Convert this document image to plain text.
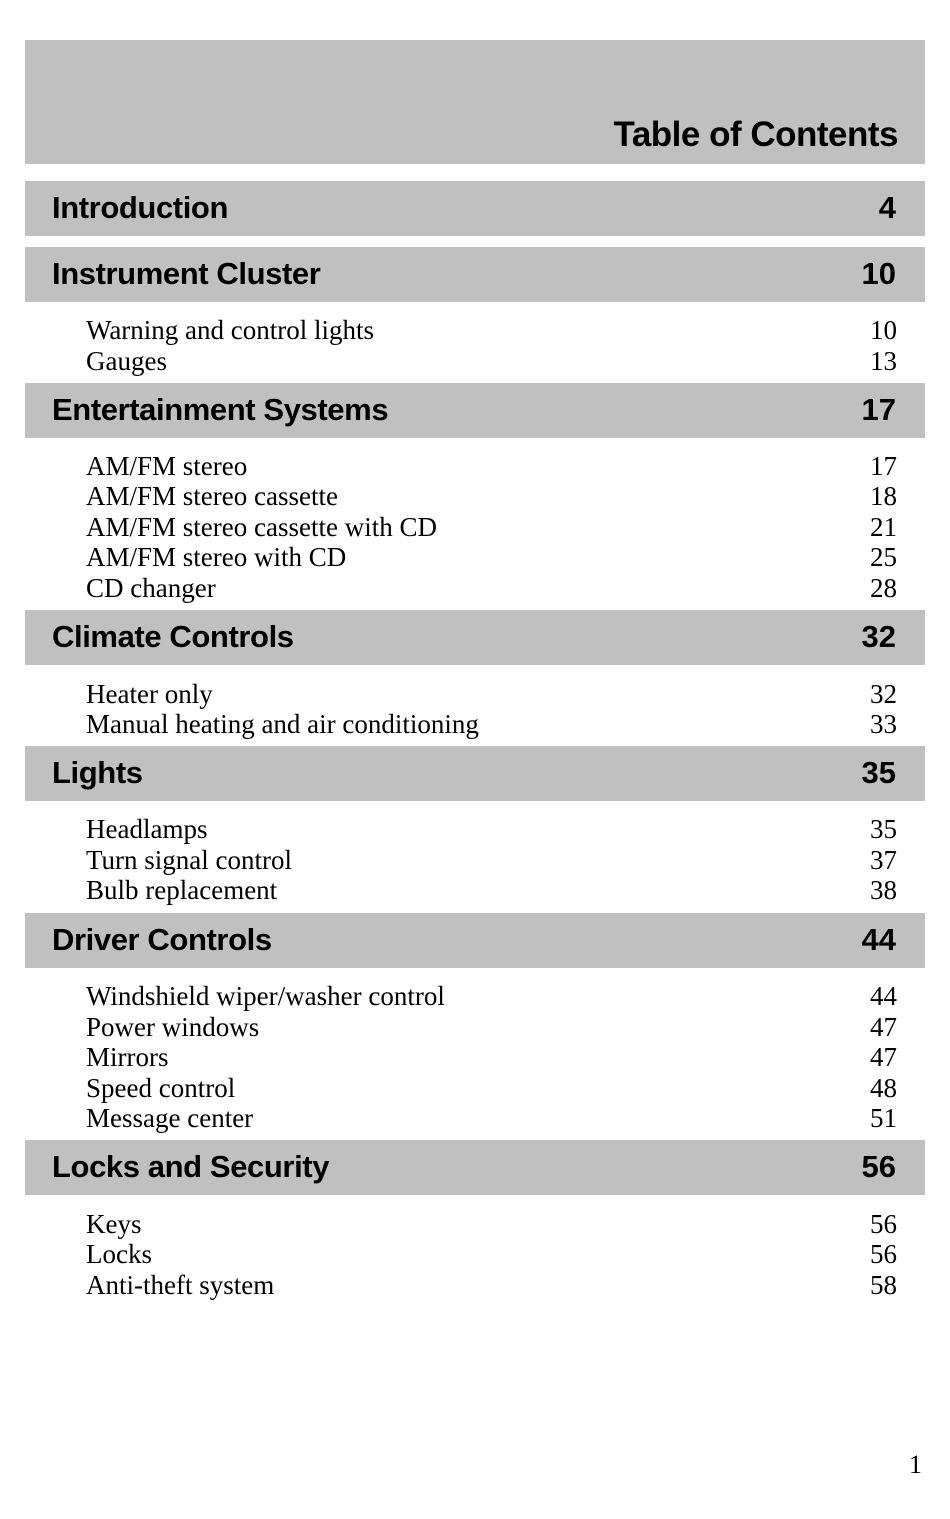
Table of Contents
Introduction	4
Instrument Cluster	10
Warning and control lights	10
Gauges	13
Entertainment Systems	17
AM/FM stereo	17
AM/FM stereo cassette	18
AM/FM stereo cassette with CD	21
AM/FM stereo with CD	25
CD changer	28
Climate Controls	32
Heater only	32
Manual heating and air conditioning	33
Lights	35
Headlamps	35
Turn signal control	37
Bulb replacement	38
Driver Controls	44
Windshield wiper/washer control	44
Power windows	47
Mirrors	47
Speed control	48
Message center	51
Locks and Security	56
Keys	56
Locks	56
Anti-theft system	58
1
